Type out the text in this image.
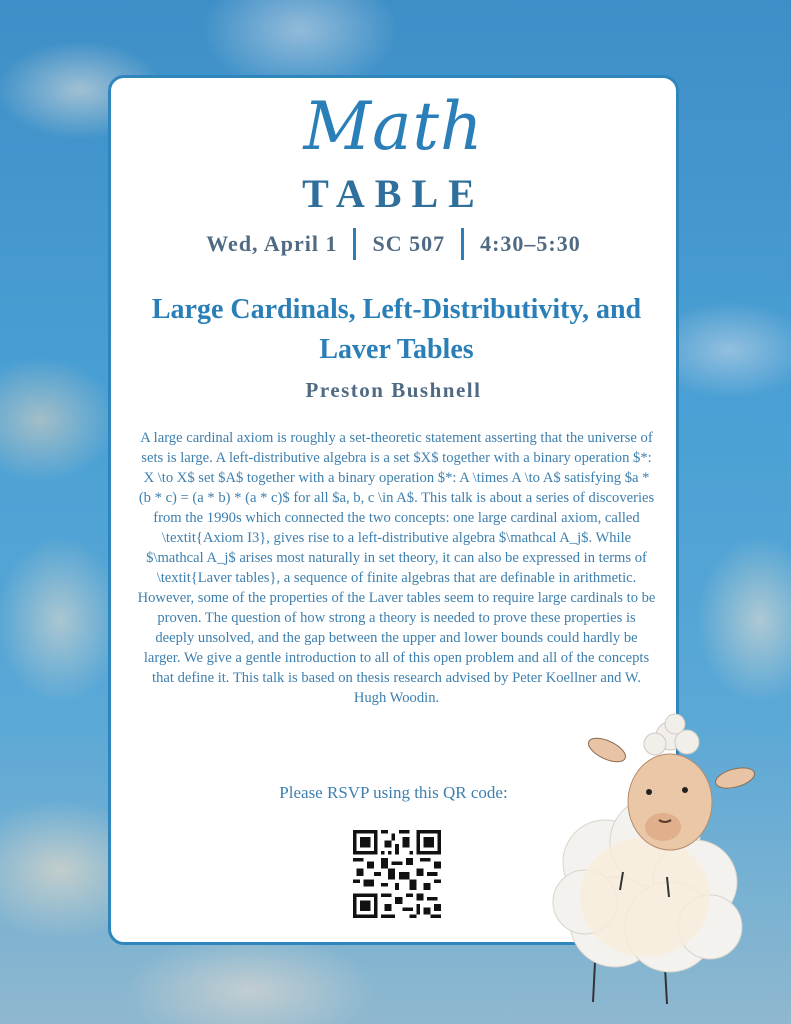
Math
TABLE
Wed, April 1 SC 507 4:30–5:30
Large Cardinals, Left-Distributivity, and Laver Tables
Preston Bushnell
A large cardinal axiom is roughly a set-theoretic statement asserting that the universe of sets is large. A left-distributive algebra is a set $X$ together with a binary operation $*: X \to X$ set $A$ together with a binary operation $*: A \times A \to A$ satisfying $a * (b * c) = (a * b) * (a * c)$ for all $a, b, c \in A$. This talk is about a series of discoveries from the 1990s which connected the two concepts: one large cardinal axiom, called \textit{Axiom I3}, gives rise to a left-distributive algebra $\mathcal A_j$. While $\mathcal A_j$ arises most naturally in set theory, it can also be expressed in terms of \textit{Laver tables}, a sequence of finite algebras that are definable in arithmetic. However, some of the properties of the Laver tables seem to require large cardinals to be proven. The question of how strong a theory is needed to prove these properties is deeply unsolved, and the gap between the upper and lower bounds could hardly be larger. We give a gentle introduction to all of this open problem and all of the concepts that define it. This talk is based on thesis research advised by Peter Koellner and W. Hugh Woodin.
Please RSVP using this QR code:
